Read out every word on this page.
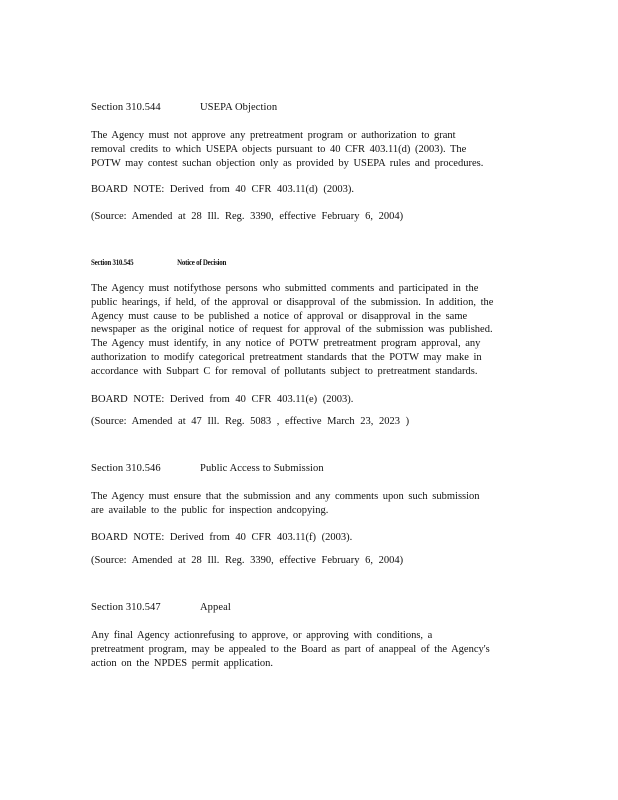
Section 310.544	USEPA Objection
The Agency must not approve any pretreatment program or authorization to grant
removal credits to which USEPA objects pursuant to 40 CFR 403.11(d) (2003). The
POTW may contest suchan objection only as provided by USEPA rules and procedures.
BOARD NOTE: Derived from 40 CFR 403.11(d) (2003).
(Source: Amended at 28 Ill. Reg. 3390, effective February 6, 2004)
Section 310.545	Notice of Decision
The Agency must notifythose persons who submitted comments and participated in the
public hearings, if held, of the approval or disapproval of the submission. In addition, the
Agency must cause to be published a notice of approval or disapproval in the same
newspaper as the original notice of request for approval of the submission was published.
The Agency must identify, in any notice of POTW pretreatment program approval, any
authorization to modify categorical pretreatment standards that the POTW may make in
accordance with Subpart C for removal of pollutants subject to pretreatment standards.
BOARD NOTE: Derived from 40 CFR 403.11(e) (2003).
(Source: Amended at 47 Ill. Reg. 5083 , effective March 23, 2023 )
Section 310.546	Public Access to Submission
The Agency must ensure that the submission and any comments upon such submission
are available to the public for inspection andcopying.
BOARD NOTE: Derived from 40 CFR 403.11(f) (2003).
(Source: Amended at 28 Ill. Reg. 3390, effective February 6, 2004)
Section 310.547	Appeal
Any final Agency actionrefusing to approve, or approving with conditions, a
pretreatment program, may be appealed to the Board as part of anappeal of the Agency's
action on the NPDES permit application.
